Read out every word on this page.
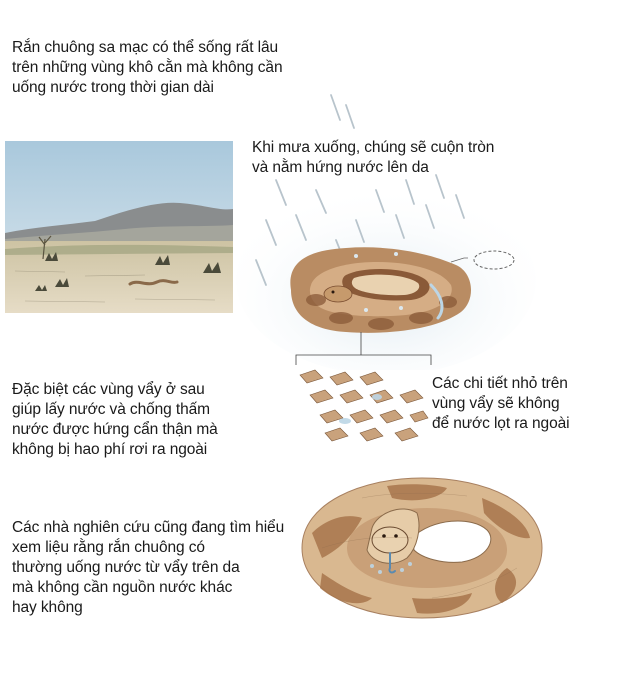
Rắn chuông sa mạc có thể sống rất lâu
trên những vùng khô cằn mà không cần
uống nước trong thời gian dài
Khi mưa xuống, chúng sẽ cuộn tròn
và nằm hứng nước lên da
Đặc biệt các vùng vẩy ở sau
giúp lấy nước và chống thấm
nước được hứng cẩn thận mà
không bị hao phí rơi ra ngoài
Các chi tiết nhỏ trên
vùng vẩy sẽ không
để nước lọt ra ngoài
Các nhà nghiên cứu cũng đang tìm hiểu
xem liệu rằng rắn chuông có
thường uống nước từ vẩy trên da
mà không cần nguồn nước khác
hay không
